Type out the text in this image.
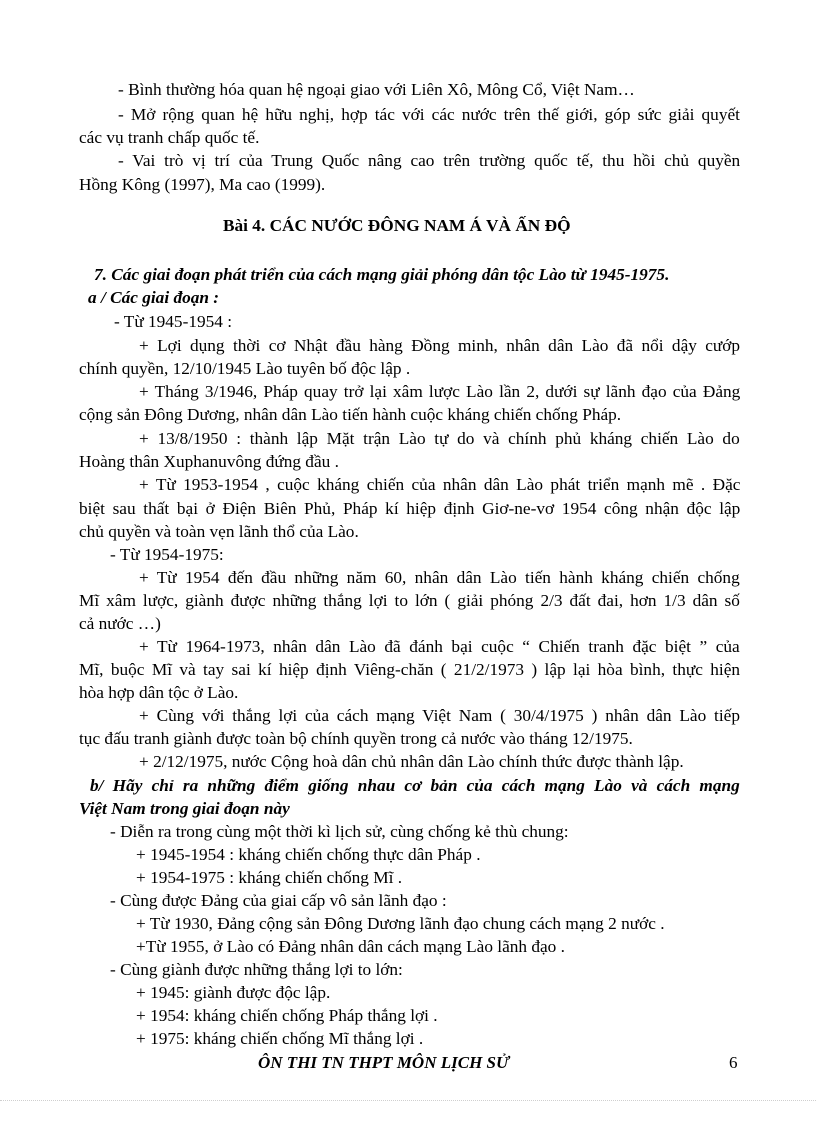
- Bình thường hóa quan hệ ngoại giao với Liên Xô, Mông Cổ, Việt Nam…
- Mở rộng quan hệ hữu nghị, hợp tác với các nước trên thế giới, góp sức giải quyết
các vụ tranh chấp quốc tế.
- Vai trò vị trí của Trung Quốc nâng cao trên trường quốc tế, thu hồi chủ quyền
Hồng Kông (1997), Ma cao (1999).
Bài 4. CÁC NƯỚC ĐÔNG NAM Á VÀ ẤN ĐỘ
7. Các giai đoạn phát triển của cách mạng giải phóng dân tộc Lào từ 1945-1975.
a / Các giai đoạn :
- Từ 1945-1954 :
+ Lợi dụng thời cơ Nhật đầu hàng Đồng minh, nhân dân Lào đã nổi dậy cướp
chính quyền, 12/10/1945 Lào tuyên bố độc lập .
+ Tháng 3/1946, Pháp quay trở lại xâm lược Lào lần 2, dưới sự lãnh đạo của Đảng
cộng sản Đông Dương, nhân dân Lào tiến hành cuộc kháng chiến chống Pháp.
+ 13/8/1950 : thành lập Mặt trận Lào tự do và chính phủ kháng chiến Lào do
Hoàng thân Xuphanuvông đứng đầu .
+ Từ 1953-1954 , cuộc kháng chiến của nhân dân Lào phát triển mạnh mẽ . Đặc
biệt sau thất bại ở Điện Biên Phủ, Pháp kí hiệp định Giơ-ne-vơ 1954 công nhận độc lập
chủ quyền và toàn vẹn lãnh thổ của Lào.
- Từ 1954-1975:
+ Từ 1954 đến đầu những năm 60, nhân dân Lào tiến hành kháng chiến chống
Mĩ xâm lược, giành được những thắng lợi to lớn ( giải phóng 2/3 đất đai, hơn 1/3 dân số
cả nước …)
+ Từ 1964-1973, nhân dân Lào đã đánh bại cuộc “ Chiến tranh đặc biệt ” của
Mĩ, buộc Mĩ và tay sai kí hiệp định Viêng-chăn ( 21/2/1973 ) lập lại hòa bình, thực hiện
hòa hợp dân tộc ở Lào.
+ Cùng với thắng lợi của cách mạng Việt Nam ( 30/4/1975 ) nhân dân Lào tiếp
tục đấu tranh giành được toàn bộ chính quyền trong cả nước vào tháng 12/1975.
+ 2/12/1975, nước Cộng hoà dân chủ nhân dân Lào chính thức được thành lập.
b/ Hãy chỉ ra những điểm giống nhau cơ bản của cách mạng Lào và cách mạng
Việt Nam trong giai đoạn này
- Diễn ra trong cùng một thời kì lịch sử, cùng chống kẻ thù chung:
+ 1945-1954 : kháng chiến chống thực dân Pháp .
+ 1954-1975 : kháng chiến chống Mĩ .
- Cùng được Đảng của giai cấp vô sản lãnh đạo :
+ Từ 1930, Đảng cộng sản Đông Dương lãnh đạo chung cách mạng 2 nước .
+Từ 1955, ở Lào có Đảng nhân dân cách mạng Lào lãnh đạo .
- Cùng giành được những thắng lợi to lớn:
+ 1945: giành được độc lập.
+ 1954: kháng chiến chống Pháp thắng lợi .
+ 1975: kháng chiến chống Mĩ thắng lợi .
ÔN THI TN THPT MÔN LỊCH SỬ	6
